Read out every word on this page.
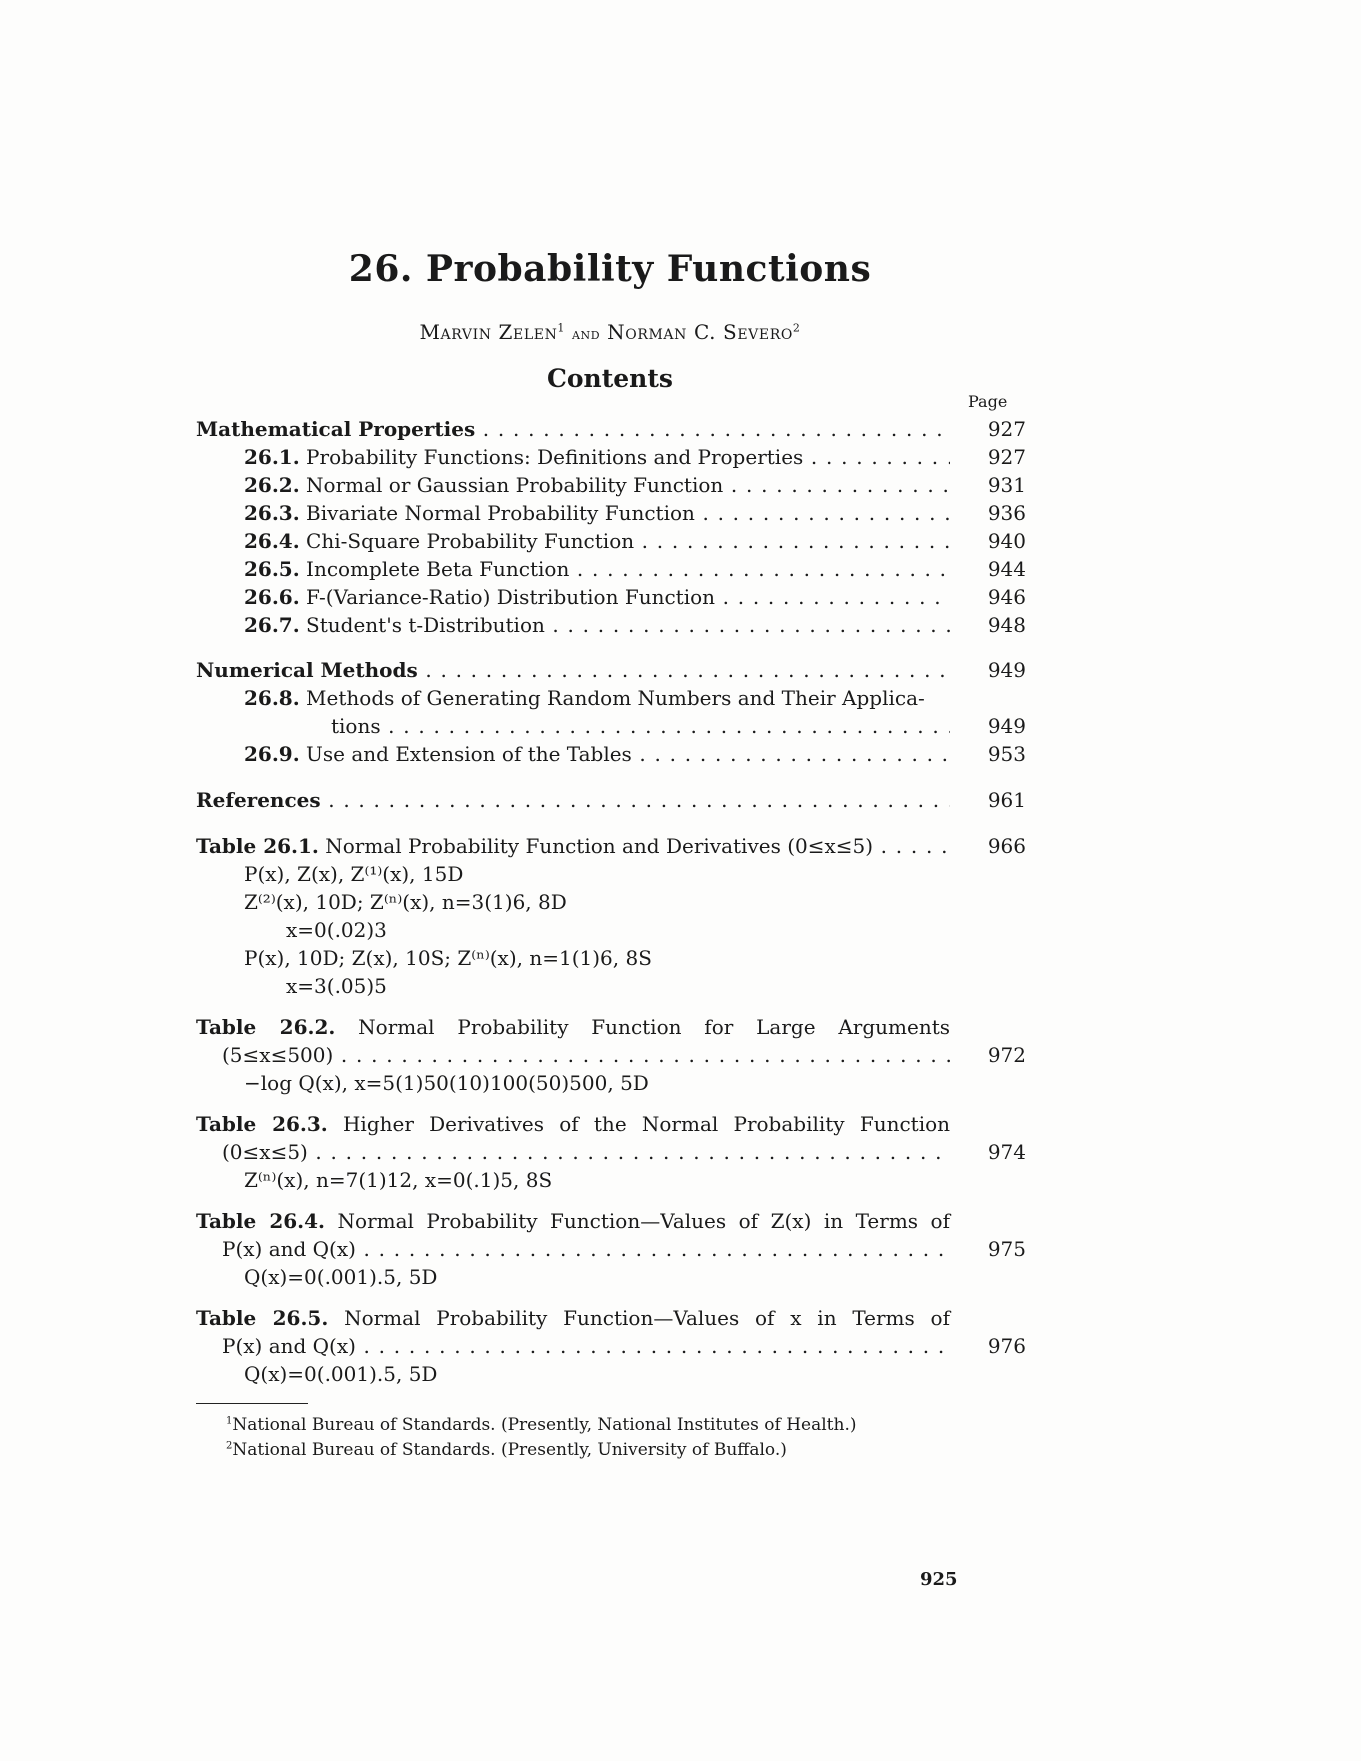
26. Probability Functions
Marvin Zelen$^1$ and Norman C. Severo$^2$
Contents
Page
Mathematical Properties . . .	927
26.1. Probability Functions: Definitions and Properties . . .	927
26.2. Normal or Gaussian Probability Function . . .	931
26.3. Bivariate Normal Probability Function . . .	936
26.4. Chi-Square Probability Function . . .	940
26.5. Incomplete Beta Function . . .	944
26.6. F-(Variance-Ratio) Distribution Function . . .	946
26.7. Student's t-Distribution . . .	948
Numerical Methods . . .	949
26.8. Methods of Generating Random Numbers and Their Applica-
tions . . .	949
26.9. Use and Extension of the Tables . . .	953
References . . .	961
Table 26.1. Normal Probability Function and Derivatives (0≤x≤5) . . .	966
P(x), Z(x), Z⁽¹⁾(x), 15D
Z⁽²⁾(x), 10D; Z⁽ⁿ⁾(x), n=3(1)6, 8D
x=0(.02)3
P(x), 10D; Z(x), 10S; Z⁽ⁿ⁾(x), n=1(1)6, 8S
x=3(.05)5
Table 26.2. Normal Probability Function for Large Arguments
(5≤x≤500) . . .	972
−log Q(x), x=5(1)50(10)100(50)500, 5D
Table 26.3. Higher Derivatives of the Normal Probability Function
(0≤x≤5) . . .	974
Z⁽ⁿ⁾(x), n=7(1)12, x=0(.1)5, 8S
Table 26.4. Normal Probability Function—Values of Z(x) in Terms of
P(x) and Q(x) . . .	975
Q(x)=0(.001).5, 5D
Table 26.5. Normal Probability Function—Values of x in Terms of
P(x) and Q(x) . . .	976
Q(x)=0(.001).5, 5D
$^1$National Bureau of Standards. (Presently, National Institutes of Health.)
$^2$National Bureau of Standards. (Presently, University of Buffalo.)
925
